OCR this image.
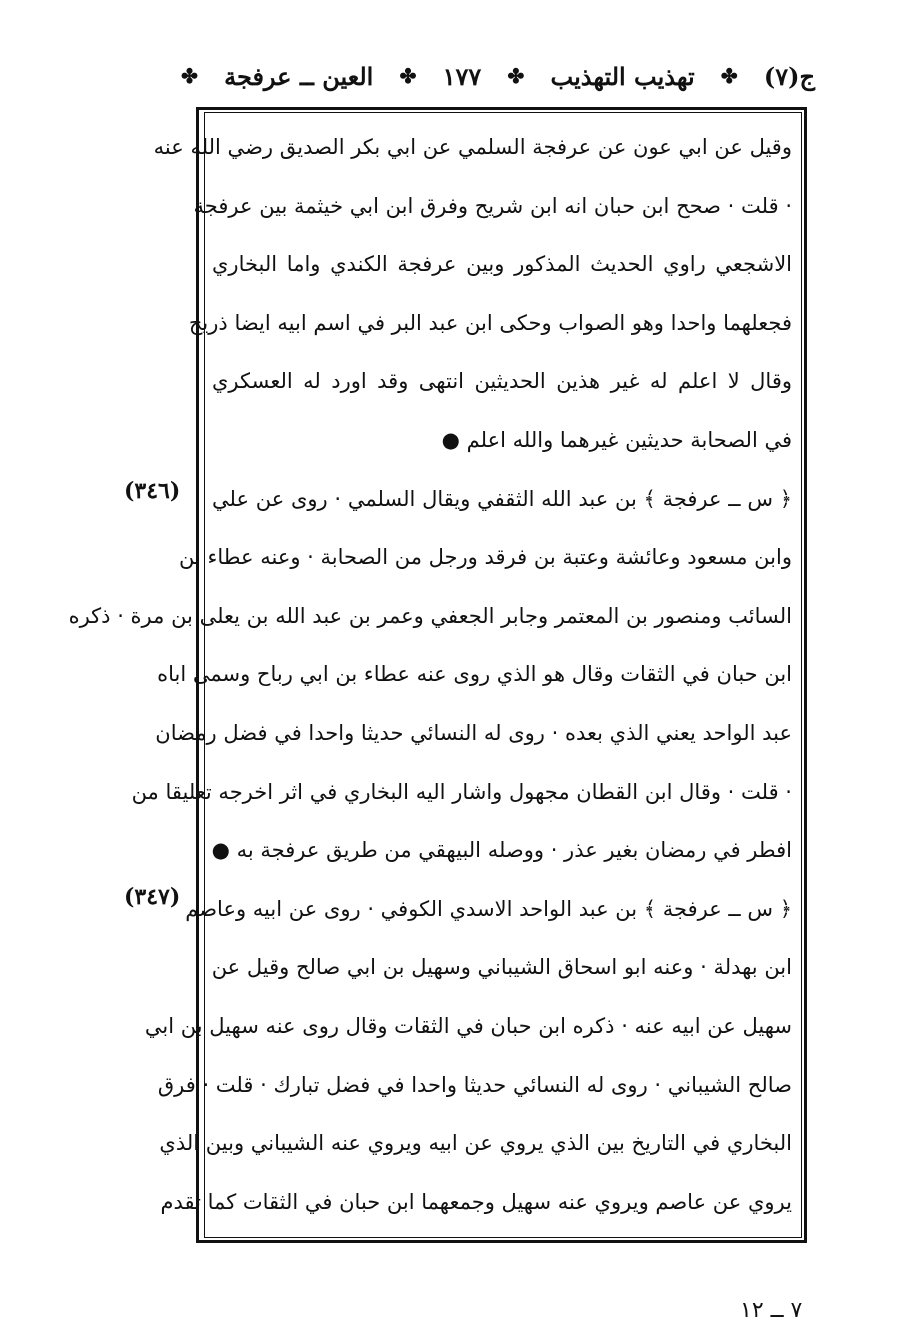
ج(٧)
✤
تهذيب التهذيب
✤
١٧٧
✤
العين ــ عرفجة
✤
(٣٤٦)
(٣٤٧)
وقيل عن ابي عون عن عرفجة السلمي عن ابي بكر الصديق رضي الله عنه
· قلت · صحح ابن حبان انه ابن شريح وفرق ابن ابي خيثمة بين عرفجة
الاشجعي راوي الحديث المذكور وبين عرفجة الكندي واما البخاري
فجعلهما واحدا وهو الصواب وحكى ابن عبد البر في اسم ابيه ايضا ذريح
وقال لا اعلم له غير هذين الحديثين انتهى وقد اورد له العسكري
في الصحابة حديثين غيرهما والله اعلم ●
﴿ س ــ عرفجة ﴾ بن عبد الله الثقفي ويقال السلمي · روى عن علي
وابن مسعود وعائشة وعتبة بن فرقد ورجل من الصحابة · وعنه عطاء بن
السائب ومنصور بن المعتمر وجابر الجعفي وعمر بن عبد الله بن يعلى بن مرة · ذكره
ابن حبان في الثقات وقال هو الذي روى عنه عطاء بن ابي رباح وسمى اباه
عبد الواحد يعني الذي بعده · روى له النسائي حديثا واحدا في فضل رمضان
· قلت · وقال ابن القطان مجهول واشار اليه البخاري في اثر اخرجه تعليقا من
افطر في رمضان بغير عذر · ووصله البيهقي من طريق عرفجة به ●
﴿ س ــ عرفجة ﴾ بن عبد الواحد الاسدي الكوفي · روى عن ابيه وعاصم
ابن بهدلة · وعنه ابو اسحاق الشيباني وسهيل بن ابي صالح وقيل عن
سهيل عن ابيه عنه · ذكره ابن حبان في الثقات وقال روى عنه سهيل بن ابي
صالح الشيباني · روى له النسائي حديثا واحدا في فضل تبارك · قلت · فرق
البخاري في التاريخ بين الذي يروي عن ابيه ويروي عنه الشيباني وبين الذي
يروي عن عاصم ويروي عنه سهيل وجمعهما ابن حبان في الثقات كما تقدم
٧ ــ ١٢
